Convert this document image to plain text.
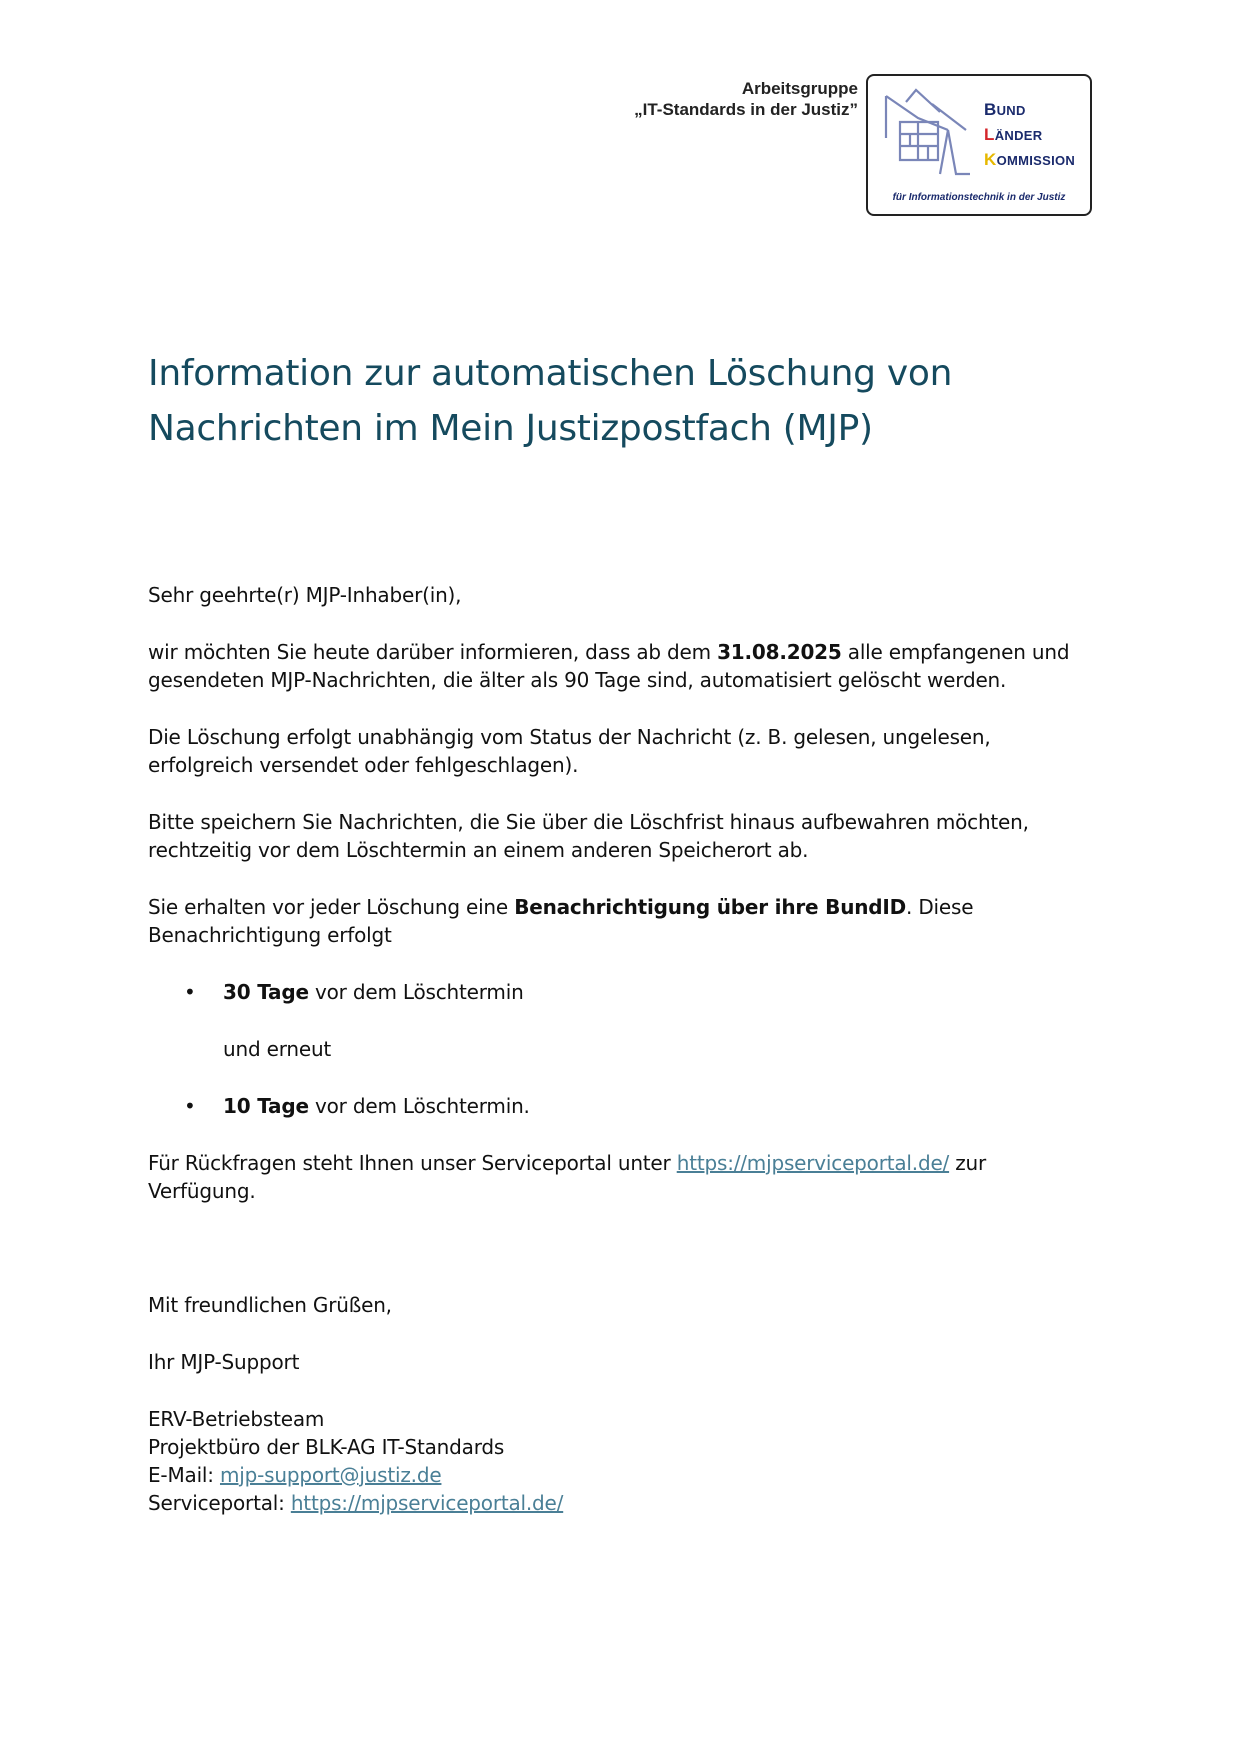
Arbeitsgruppe
„IT-Standards in der Justiz”	BUND
LÄNDER
KOMMISSION
für Informationstechnik in der Justiz
Information zur automatischen Löschung von
Nachrichten im Mein Justizpostfach (MJP)

Sehr geehrte(r) MJP-Inhaber(in),

wir möchten Sie heute darüber informieren, dass ab dem 31.08.2025 alle empfangenen und gesendeten MJP-Nachrichten, die älter als 90 Tage sind, automatisiert gelöscht werden.

Die Löschung erfolgt unabhängig vom Status der Nachricht (z. B. gelesen, ungelesen, erfolgreich versendet oder fehlgeschlagen).

Bitte speichern Sie Nachrichten, die Sie über die Löschfrist hinaus aufbewahren möchten, rechtzeitig vor dem Löschtermin an einem anderen Speicherort ab.

Sie erhalten vor jeder Löschung eine Benachrichtigung über ihre BundID. Diese Benachrichtigung erfolgt

• 30 Tage vor dem Löschtermin

und erneut

• 10 Tage vor dem Löschtermin.

Für Rückfragen steht Ihnen unser Serviceportal unter https://mjpserviceportal.de/ zur Verfügung.

Mit freundlichen Grüßen,

Ihr MJP-Support

ERV-Betriebsteam

Projektbüro der BLK-AG IT-Standards

E-Mail: mjp-support@justiz.de

Serviceportal: https://mjpserviceportal.de/
